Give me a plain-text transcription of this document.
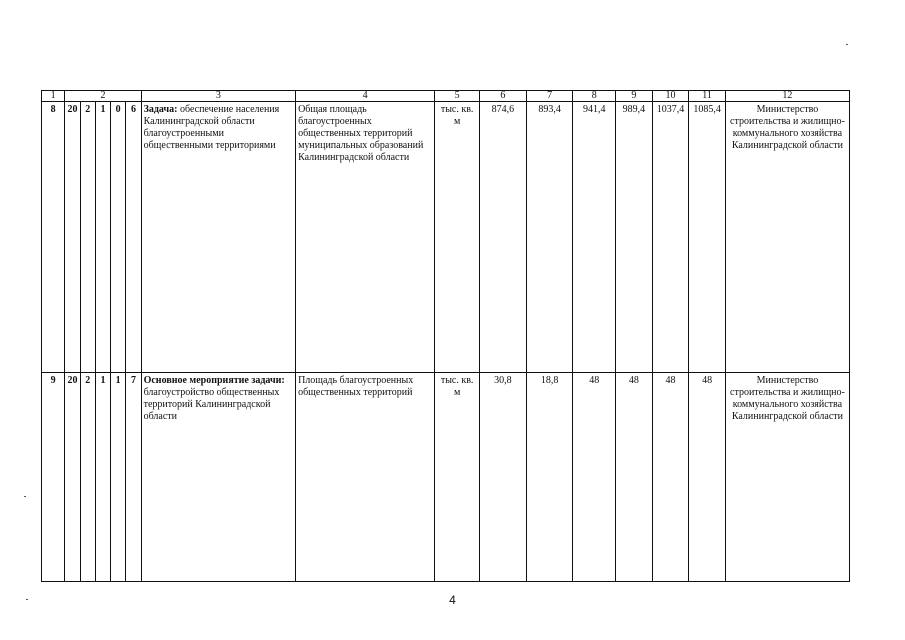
1	2					3	4	5	6	7	8	9	10	11	12
8	20	2	1	0	6	Задача: обеспечение населения Калининградской области благоустроенными общественными территориями	Общая площадь благоустроенных общественных территорий муниципальных образований Калининградской области	тыс. кв. м	874,6	893,4	941,4	989,4	1037,4	1085,4	Министерство строительства и жилищно-коммунального хозяйства Калининградской области
9	20	2	1	1	7	Основное мероприятие задачи: благоустройство общественных территорий Калининградской области	Площадь благоустроенных общественных территорий	тыс. кв. м	30,8	18,8	48	48	48	48	Министерство строительства и жилищно-коммунального хозяйства Калининградской области
4
